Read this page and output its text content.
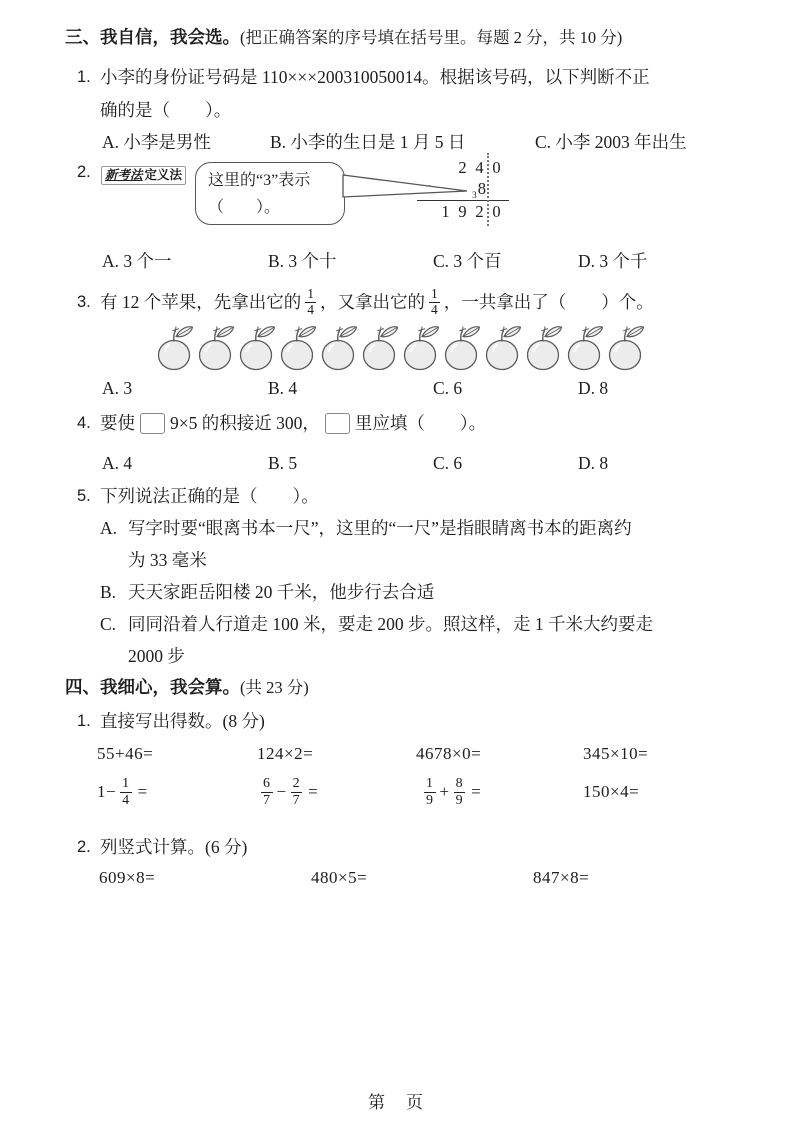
三、我自信，我会选。(把正确答案的序号填在括号里。每题 2 分，共 10 分)
1. 小李的身份证号码是 110×××200310050014。根据该号码，以下判断不正
确的是（　　）。
A. 小李是男性	B. 小李的生日是 1 月 5 日	C. 小李 2003 年出生
2.	新考法 定义法 这里的“3”表示
（　　）。
2 4 0
$_3$8
1 9 2 0
A. 3 个一	B. 3 个十	C. 3 个百	D. 3 个千
3. 有 12 个苹果，先拿出它的 $\frac{1}{4}$ ，又拿出它的 $\frac{1}{4}$ ，一共拿出了（　　）个。
A. 3	B. 4	C. 6	D. 8
4. 要使 9×5 的积接近 300， 里应填（　　）。
A. 4	B. 5	C. 6	D. 8
5. 下列说法正确的是（　　）。
A. 写字时要“眼离书本一尺”，这里的“一尺”是指眼睛离书本的距离约
为 33 毫米
B. 天天家距岳阳楼 20 千米，他步行去合适
C. 同同沿着人行道走 100 米，要走 200 步。照这样，走 1 千米大约要走
2000 步
四、我细心，我会算。(共 23 分)
1. 直接写出得数。(8 分)
55+46=	124×2=	4678×0=	345×10=
$1- \frac{1}{4}$ =	$\frac{6}{7} - \frac{2}{7}$ =	$\frac{1}{9} + \frac{8}{9}$ =	150×4=
2. 列竖式计算。(6 分)
609×8=	480×5=	847×8=
第　页
